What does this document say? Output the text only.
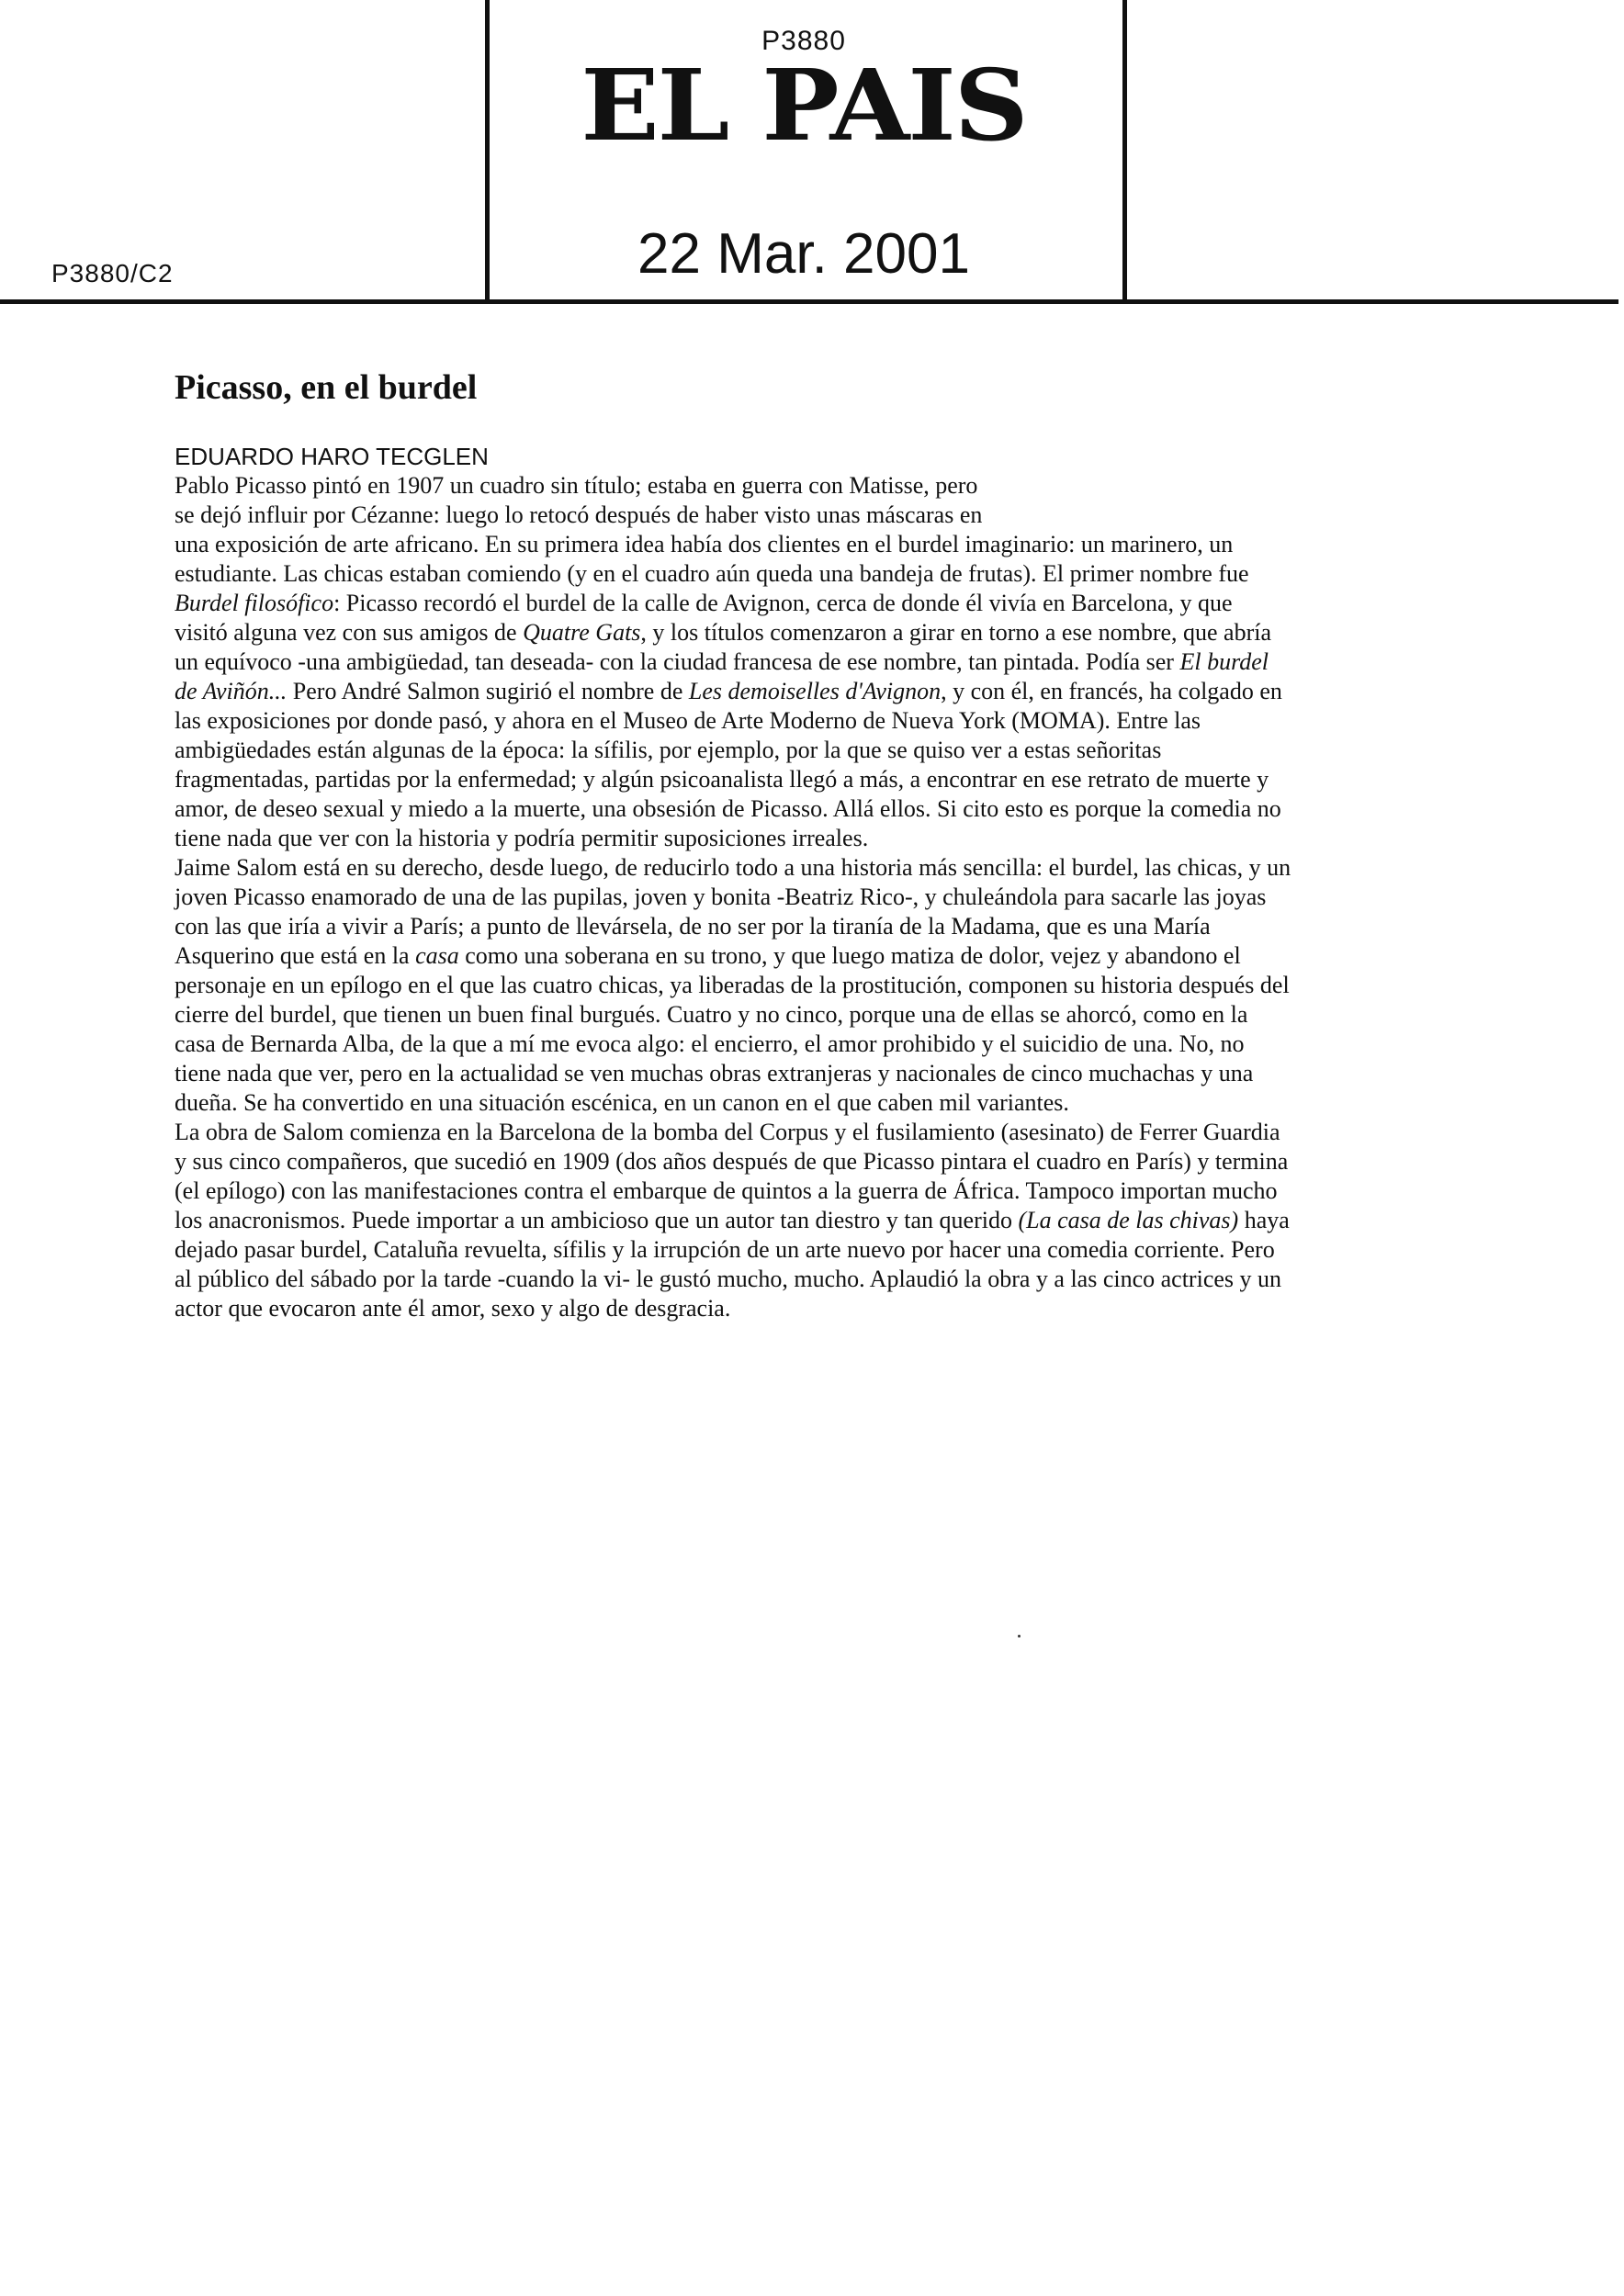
P3880
EL PAIS
22 Mar. 2001
P3880/C2
Picasso, en el burdel
EDUARDO HARO TECGLEN
Pablo Picasso pintó en 1907 un cuadro sin título; estaba en guerra con Matisse, pero
se dejó influir por Cézanne: luego lo retocó después de haber visto unas máscaras en
una exposición de arte africano. En su primera idea había dos clientes en el burdel imaginario: un marinero, un
estudiante. Las chicas estaban comiendo (y en el cuadro aún queda una bandeja de frutas). El primer nombre fue
Burdel filosófico: Picasso recordó el burdel de la calle de Avignon, cerca de donde él vivía en Barcelona, y que
visitó alguna vez con sus amigos de Quatre Gats, y los títulos comenzaron a girar en torno a ese nombre, que abría
un equívoco -una ambigüedad, tan deseada- con la ciudad francesa de ese nombre, tan pintada. Podía ser El burdel
de Aviñón... Pero André Salmon sugirió el nombre de Les demoiselles d'Avignon, y con él, en francés, ha colgado en
las exposiciones por donde pasó, y ahora en el Museo de Arte Moderno de Nueva York (MOMA). Entre las
ambigüedades están algunas de la época: la sífilis, por ejemplo, por la que se quiso ver a estas señoritas
fragmentadas, partidas por la enfermedad; y algún psicoanalista llegó a más, a encontrar en ese retrato de muerte y
amor, de deseo sexual y miedo a la muerte, una obsesión de Picasso. Allá ellos. Si cito esto es porque la comedia no
tiene nada que ver con la historia y podría permitir suposiciones irreales.
Jaime Salom está en su derecho, desde luego, de reducirlo todo a una historia más sencilla: el burdel, las chicas, y un
joven Picasso enamorado de una de las pupilas, joven y bonita -Beatriz Rico-, y chuleándola para sacarle las joyas
con las que iría a vivir a París; a punto de llevársela, de no ser por la tiranía de la Madama, que es una María
Asquerino que está en la casa como una soberana en su trono, y que luego matiza de dolor, vejez y abandono el
personaje en un epílogo en el que las cuatro chicas, ya liberadas de la prostitución, componen su historia después del
cierre del burdel, que tienen un buen final burgués. Cuatro y no cinco, porque una de ellas se ahorcó, como en la
casa de Bernarda Alba, de la que a mí me evoca algo: el encierro, el amor prohibido y el suicidio de una. No, no
tiene nada que ver, pero en la actualidad se ven muchas obras extranjeras y nacionales de cinco muchachas y una
dueña. Se ha convertido en una situación escénica, en un canon en el que caben mil variantes.
La obra de Salom comienza en la Barcelona de la bomba del Corpus y el fusilamiento (asesinato) de Ferrer Guardia
y sus cinco compañeros, que sucedió en 1909 (dos años después de que Picasso pintara el cuadro en París) y termina
(el epílogo) con las manifestaciones contra el embarque de quintos a la guerra de África. Tampoco importan mucho
los anacronismos. Puede importar a un ambicioso que un autor tan diestro y tan querido (La casa de las chivas) haya
dejado pasar burdel, Cataluña revuelta, sífilis y la irrupción de un arte nuevo por hacer una comedia corriente. Pero
al público del sábado por la tarde -cuando la vi- le gustó mucho, mucho. Aplaudió la obra y a las cinco actrices y un
actor que evocaron ante él amor, sexo y algo de desgracia.
